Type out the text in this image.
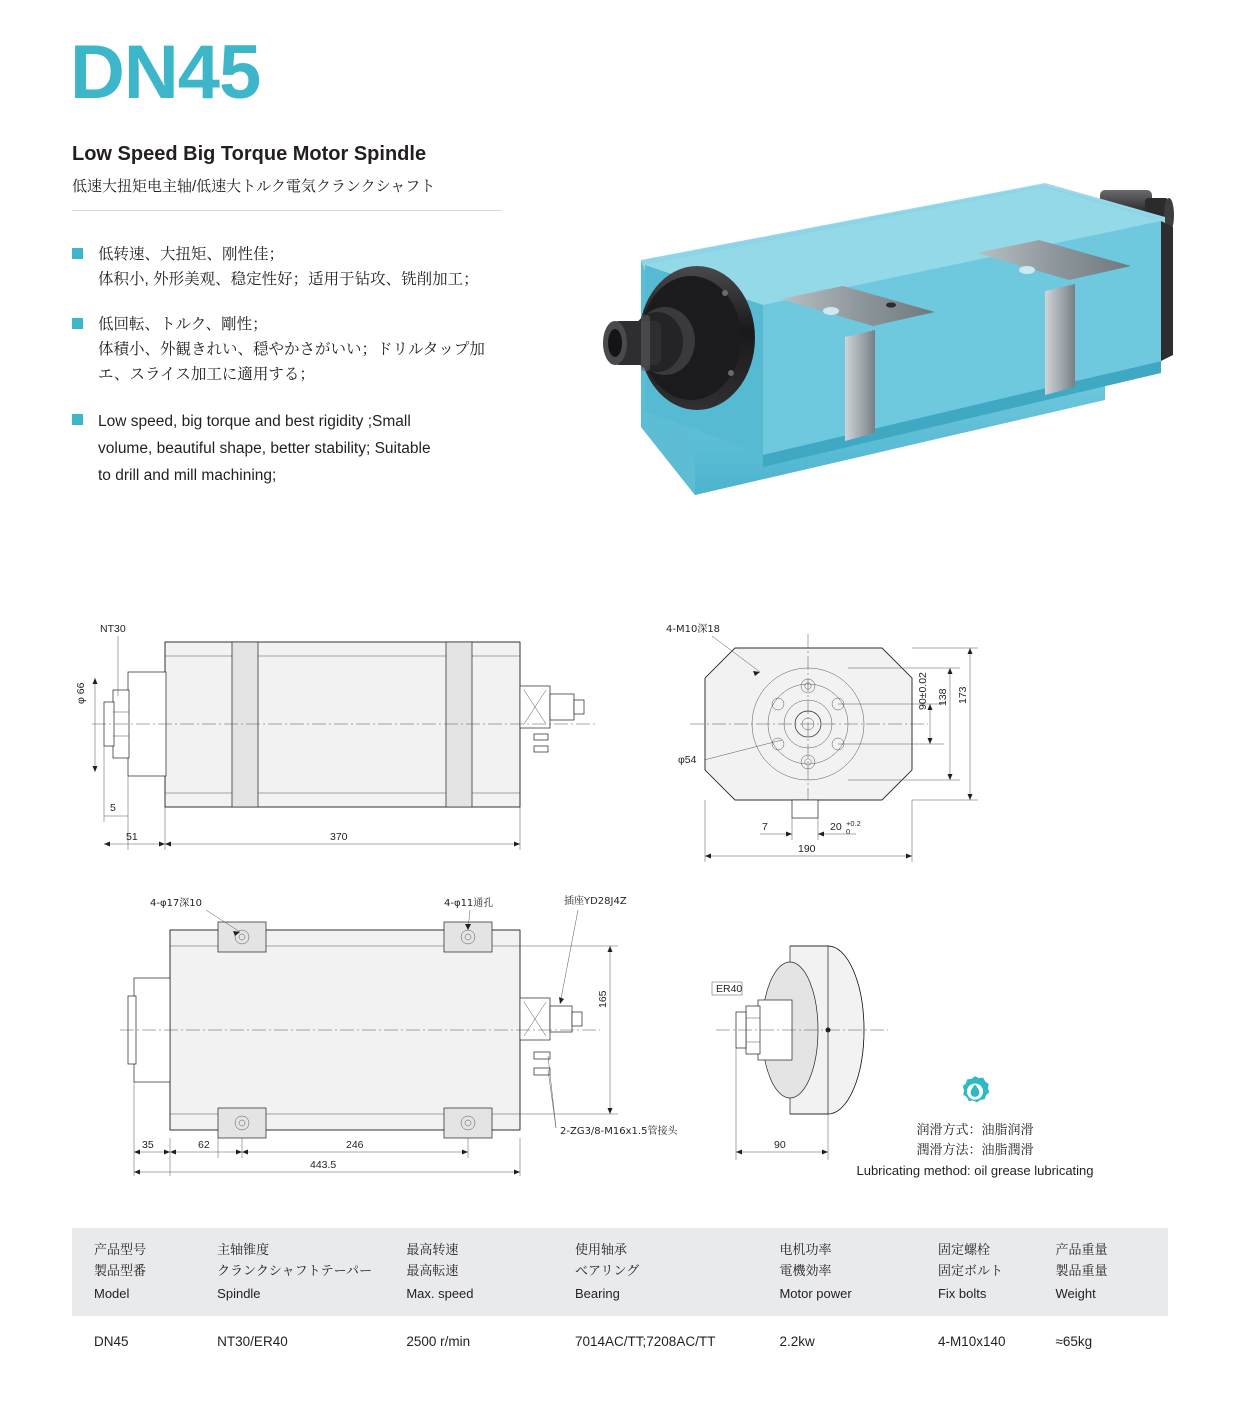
DN45
Low Speed Big Torque Motor Spindle
低速大扭矩电主轴/低速大トルク電気クランクシャフト

低转速、大扭矩、刚性佳；

体积小, 外形美观、稳定性好；适用于钻攻、铣削加工；

低回転、トルク、剛性；

体積小、外観きれい、穏やかさがいい；ドリルタップ加

エ、スライス加工に適用する；

Low speed, big torque and best rigidity ;Small

volume, beautiful shape, better stability; Suitable

to drill and mill machining;

NT30
φ 66
5
51	370
4-M10深18
φ54
173
138
90±0.02
7	20 +0.2
0
190
4-φ17深10	4-φ11通孔	插座YD28J4Z
2-ZG3/8-M16x1.5管接头
165
35	62	246
443.5
ER40
90
润滑方式：油脂润滑
潤滑方法：油脂潤滑
Lubricating method: oil grease lubricating
产品型号
製品型番
Model

主轴锥度
クランクシャフトテーパー
Spindle

最高转速
最高転速
Max. speed

使用轴承
ベアリング
Bearing

电机功率
電機効率
Motor power

固定螺栓
固定ボルト
Fix bolts

产品重量
製品重量
Weight

DN45	NT30/ER40	2500 r/min	7014AC/TT;7208AC/TT	2.2kw	4-M10x140	≈65kg
